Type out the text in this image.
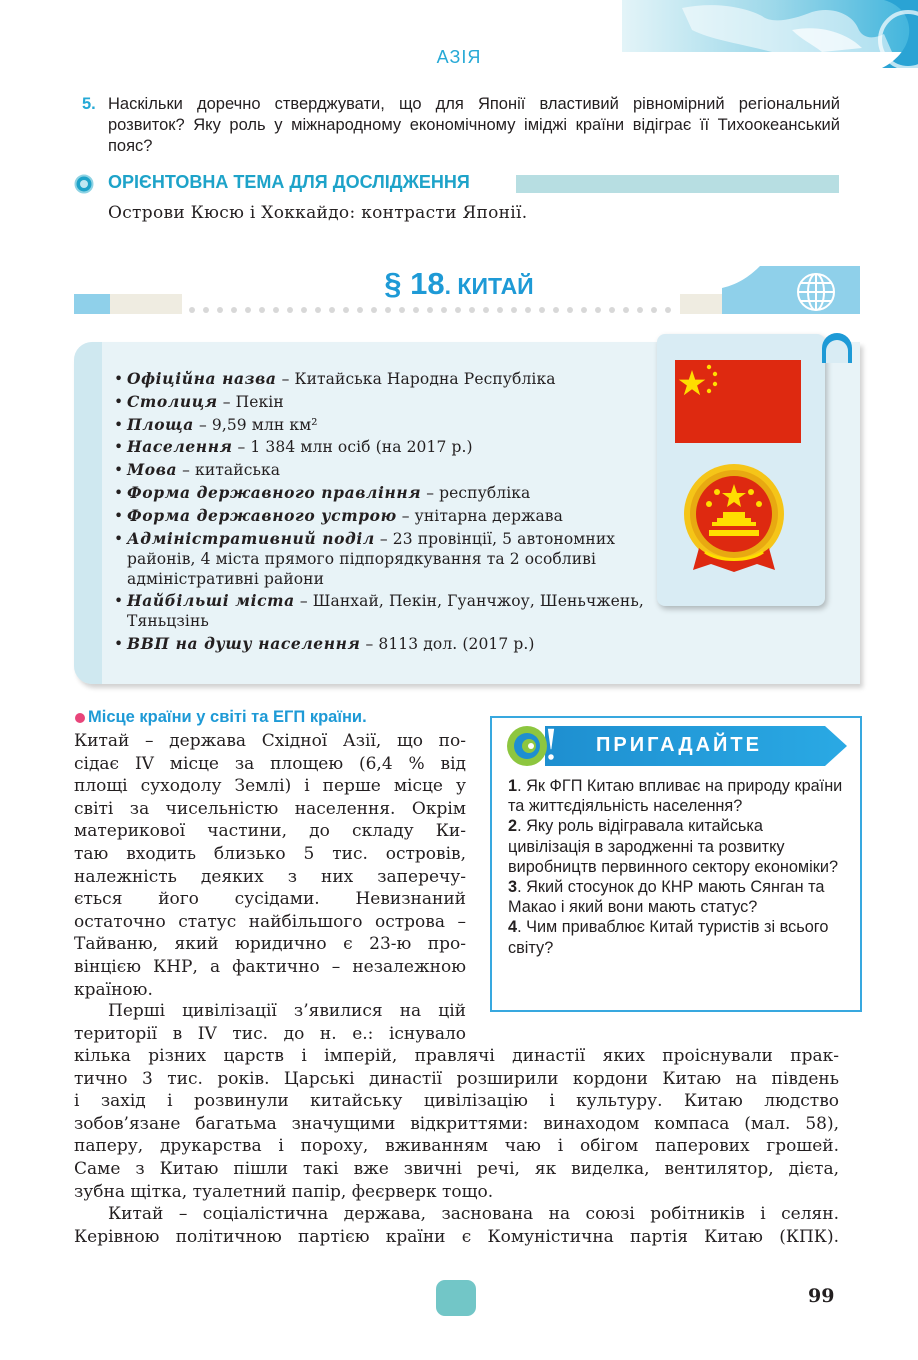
АЗІЯ
5. Наскільки доречно стверджувати, що для Японії властивий рівномірний регіональний розвиток? Яку роль у міжнародному економічному іміджі країни відіграє її Тихоокеанський пояс?
ОРІЄНТОВНА ТЕМА ДЛЯ ДОСЛІДЖЕННЯ
Острови Кюсю і Хоккайдо: контрасти Японії.
§ 18. КИТАЙ
• Офіційна назва – Китайська Народна Республіка
• Столиця – Пекін
• Площа – 9,59 млн км²
• Населення – 1 384 млн осіб (на 2017 р.)
• Мова – китайська
• Форма державного правління – республіка
• Форма державного устрою – унітарна держава
• Адміністративний поділ – 23 провінції, 5 автономних районів, 4 міста прямого підпорядкування та 2 особливі адміністративні райони
• Найбільші міста – Шанхай, Пекін, Гуанчжоу, Шеньчжень, Тяньцзінь
• ВВП на душу населення – 8113 дол. (2017 р.)
Місце країни у світі та ЕГП країни.
Китай – держава Східної Азії, що по-
сідає IV місце за площею (6,4 % від
площі суходолу Землі) і перше місце у
світі за чисельністю населення. Окрім
материкової частини, до складу Ки-
таю входить близько 5 тис. островів,
належність деяких з них заперечу-
ється його сусідами. Невизнаний
остаточно статус найбільшого острова –
Тайваню, який юридично є 23-ю про-
вінцією КНР, а фактично – незалежною
країною.
Перші цивілізації з’явилися на цій
території в IV тис. до н. е.: існувало
кілька різних царств і імперій, правлячі династії яких проіснували прак-
тично 3 тис. років. Царські династії розширили кордони Китаю на південь
і захід і розвинули китайську цивілізацію і культуру. Китаю людство
зобов’язане багатьма значущими відкриттями: винаходом компаса (мал. 58),
паперу, друкарства і пороху, вживанням чаю і обігом паперових грошей.
Саме з Китаю пішли такі вже звичні речі, як виделка, вентилятор, дієта,
зубна щітка, туалетний папір, феєрверк тощо.
Китай – соціалістична держава, заснована на союзі робітників і селян.
Керівною політичною партією країни є Комуністична партія Китаю (КПК).
ПРИГАДАЙТЕ
1. Як ФГП Китаю впливає на природу країни та життєдіяльність населення?
2. Яку роль відігравала китайська цивілізація в зародженні та розвитку виробництв первинного сектору економіки?
3. Який стосунок до КНР мають Сянган та Макао і який вони мають статус?
4. Чим приваблює Китай туристів зі всього світу?
99
